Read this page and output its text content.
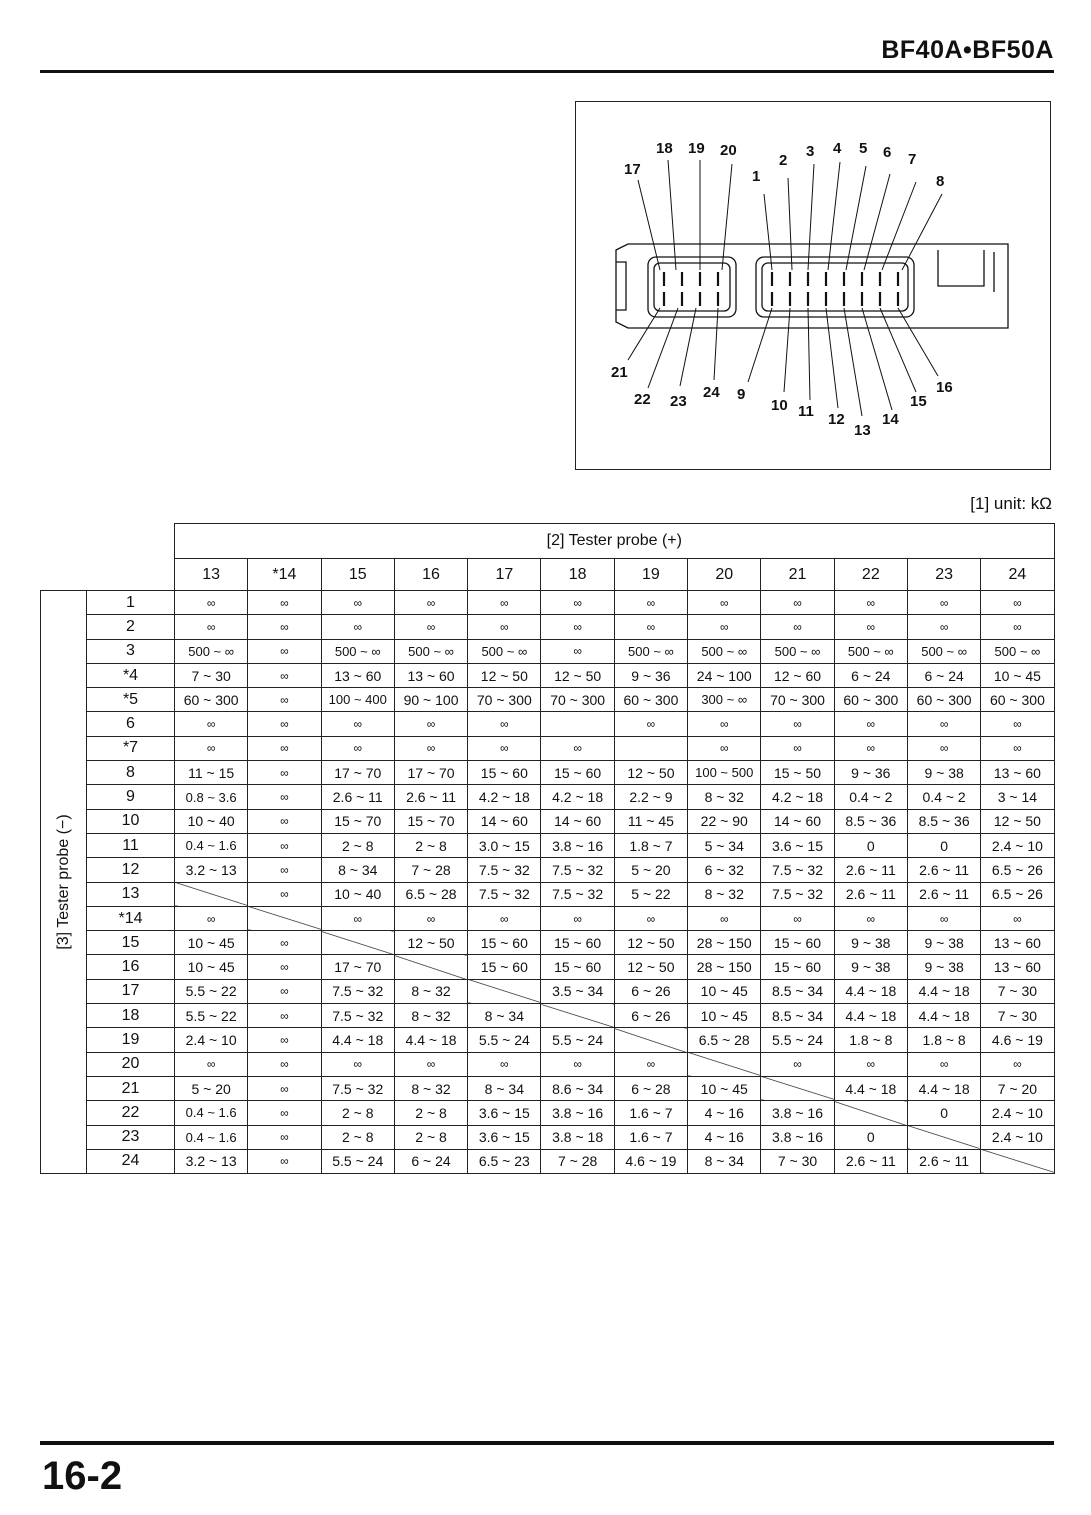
BF40A•BF50A
18 19 20
17
2
3 4 5 6 7
1	8
21
22 23
24 9
10 11 12
13
14
15
16
[1] unit: kΩ
		[2] Tester probe (+)											
		13	*14	15	16	17	18	19	20	21	22	23	24

[3] Tester probe (−)	1	∞	∞	∞	∞	∞	∞	∞	∞	∞	∞	∞	∞
	2	∞	∞	∞	∞	∞	∞	∞	∞	∞	∞	∞	∞
	3	500 ~ ∞	∞	500 ~ ∞	500 ~ ∞	500 ~ ∞	∞	500 ~ ∞	500 ~ ∞	500 ~ ∞	500 ~ ∞	500 ~ ∞	500 ~ ∞
	*4	7 ~ 30	∞	13 ~ 60	13 ~ 60	12 ~ 50	12 ~ 50	9 ~ 36	24 ~ 100	12 ~ 60	6 ~ 24	6 ~ 24	10 ~ 45
	*5	60 ~ 300	∞	100 ~ 400	90 ~ 100	70 ~ 300	70 ~ 300	60 ~ 300	300 ~ ∞	70 ~ 300	60 ~ 300	60 ~ 300	60 ~ 300
	6	∞	∞	∞	∞	∞		∞	∞	∞	∞	∞	∞
	*7	∞	∞	∞	∞	∞	∞		∞	∞	∞	∞	∞
	8	11 ~ 15	∞	17 ~ 70	17 ~ 70	15 ~ 60	15 ~ 60	12 ~ 50	100 ~ 500	15 ~ 50	9 ~ 36	9 ~ 38	13 ~ 60
	9	0.8 ~ 3.6	∞	2.6 ~ 11	2.6 ~ 11	4.2 ~ 18	4.2 ~ 18	2.2 ~ 9	8 ~ 32	4.2 ~ 18	0.4 ~ 2	0.4 ~ 2	3 ~ 14
	10	10 ~ 40	∞	15 ~ 70	15 ~ 70	14 ~ 60	14 ~ 60	11 ~ 45	22 ~ 90	14 ~ 60	8.5 ~ 36	8.5 ~ 36	12 ~ 50
	11	0.4 ~ 1.6	∞	2 ~ 8	2 ~ 8	3.0 ~ 15	3.8 ~ 16	1.8 ~ 7	5 ~ 34	3.6 ~ 15	0	0	2.4 ~ 10
	12	3.2 ~ 13	∞	8 ~ 34	7 ~ 28	7.5 ~ 32	7.5 ~ 32	5 ~ 20	6 ~ 32	7.5 ~ 32	2.6 ~ 11	2.6 ~ 11	6.5 ~ 26
	13		∞	10 ~ 40	6.5 ~ 28	7.5 ~ 32	7.5 ~ 32	5 ~ 22	8 ~ 32	7.5 ~ 32	2.6 ~ 11	2.6 ~ 11	6.5 ~ 26
	*14	∞		∞	∞	∞	∞	∞	∞	∞	∞	∞	∞
	15	10 ~ 45	∞		12 ~ 50	15 ~ 60	15 ~ 60	12 ~ 50	28 ~ 150	15 ~ 60	9 ~ 38	9 ~ 38	13 ~ 60
	16	10 ~ 45	∞	17 ~ 70		15 ~ 60	15 ~ 60	12 ~ 50	28 ~ 150	15 ~ 60	9 ~ 38	9 ~ 38	13 ~ 60
	17	5.5 ~ 22	∞	7.5 ~ 32	8 ~ 32		3.5 ~ 34	6 ~ 26	10 ~ 45	8.5 ~ 34	4.4 ~ 18	4.4 ~ 18	7 ~ 30
	18	5.5 ~ 22	∞	7.5 ~ 32	8 ~ 32	8 ~ 34		6 ~ 26	10 ~ 45	8.5 ~ 34	4.4 ~ 18	4.4 ~ 18	7 ~ 30
	19	2.4 ~ 10	∞	4.4 ~ 18	4.4 ~ 18	5.5 ~ 24	5.5 ~ 24		6.5 ~ 28	5.5 ~ 24	1.8 ~ 8	1.8 ~ 8	4.6 ~ 19
	20	∞	∞	∞	∞	∞	∞	∞		∞	∞	∞	∞
	21	5 ~ 20	∞	7.5 ~ 32	8 ~ 32	8 ~ 34	8.6 ~ 34	6 ~ 28	10 ~ 45		4.4 ~ 18	4.4 ~ 18	7 ~ 20
	22	0.4 ~ 1.6	∞	2 ~ 8	2 ~ 8	3.6 ~ 15	3.8 ~ 16	1.6 ~ 7	4 ~ 16	3.8 ~ 16		0	2.4 ~ 10
	23	0.4 ~ 1.6	∞	2 ~ 8	2 ~ 8	3.6 ~ 15	3.8 ~ 18	1.6 ~ 7	4 ~ 16	3.8 ~ 16	0		2.4 ~ 10
	24	3.2 ~ 13	∞	5.5 ~ 24	6 ~ 24	6.5 ~ 23	7 ~ 28	4.6 ~ 19	8 ~ 34	7 ~ 30	2.6 ~ 11	2.6 ~ 11	
16-2
